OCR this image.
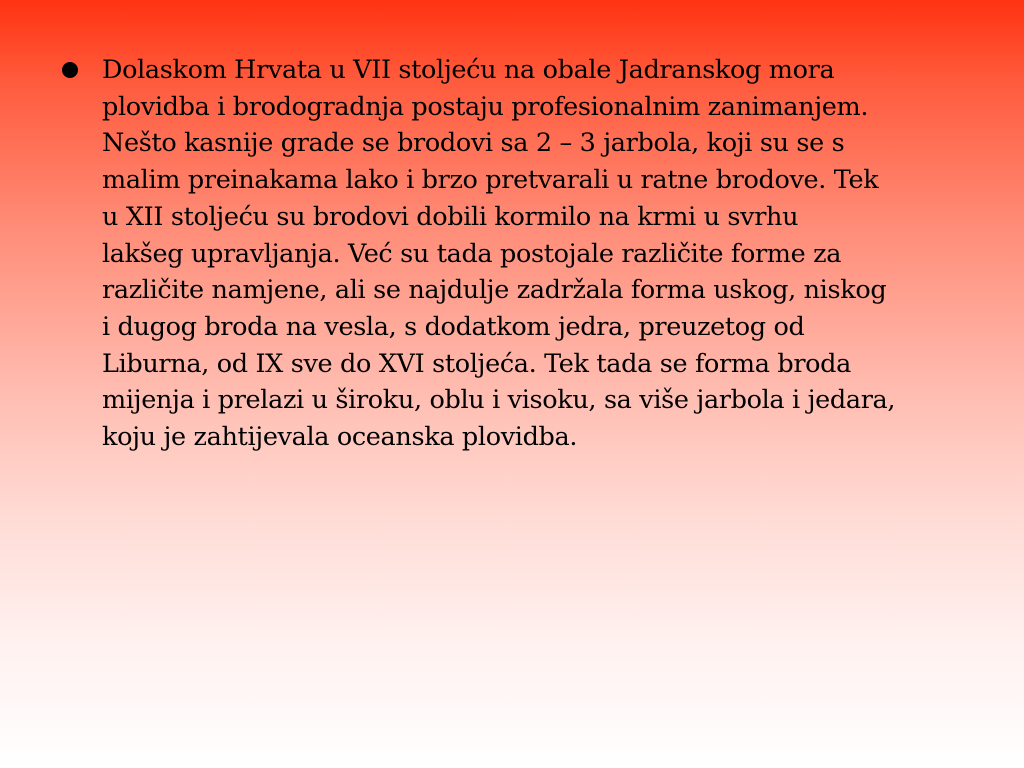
Dolaskom Hrvata u VII stoljeću na obale Jadranskog mora
plovidba i brodogradnja postaju profesionalnim zanimanjem.
Nešto kasnije grade se brodovi sa 2 – 3 jarbola, koji su se s
malim preinakama lako i brzo pretvarali u ratne brodove. Tek
u XII stoljeću su brodovi dobili kormilo na krmi u svrhu
lakšeg upravljanja. Već su tada postojale različite forme za
različite namjene, ali se najdulje zadržala forma uskog, niskog
i dugog broda na vesla, s dodatkom jedra, preuzetog od
Liburna, od IX sve do XVI stoljeća. Tek tada se forma broda
mijenja i prelazi u široku, oblu i visoku, sa više jarbola i jedara,
koju je zahtijevala oceanska plovidba.
